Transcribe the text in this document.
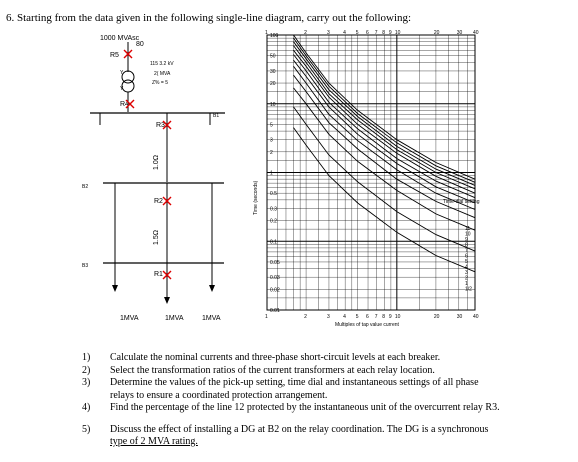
6. Starting from the data given in the following single-line diagram, carry out the following:
1000 MVAsc
80
R5
Y
Y
115 3.2 kV
2( MVA
Z% = 5
R4
B1
R3
1.0Ω
B2
R2
1.5Ω
B3
R1
1MVA	1MVA	1MVA
1
1
2
2
3
3
4
4
5
5
6
6
7
7
8
8
9
9
10
10
20
20
30
30
40
40
100
50
30
20
10
5
3
2
1
0.5
0.3
0.2
0.1
0.05
0.03
0.02
0.01
11
10
9
8
7
6
5
4
3
2
1
1/2
Time (seconds)
Multiples of tap value current
Time-dial setting
1) Calculate the nominal currents and three-phase short-circuit levels at each breaker.
2) Select the transformation ratios of the current transformers at each relay location.
3) Determine the values of the pick-up setting, time dial and instantaneous settings of all phase
relays to ensure a coordinated protection arrangement.
4) Find the percentage of the line 12 protected by the instantaneous unit of the overcurrent relay R3.
5) Discuss the effect of installing a DG at B2 on the relay coordination. The DG is a synchronous
type of 2 MVA rating.
